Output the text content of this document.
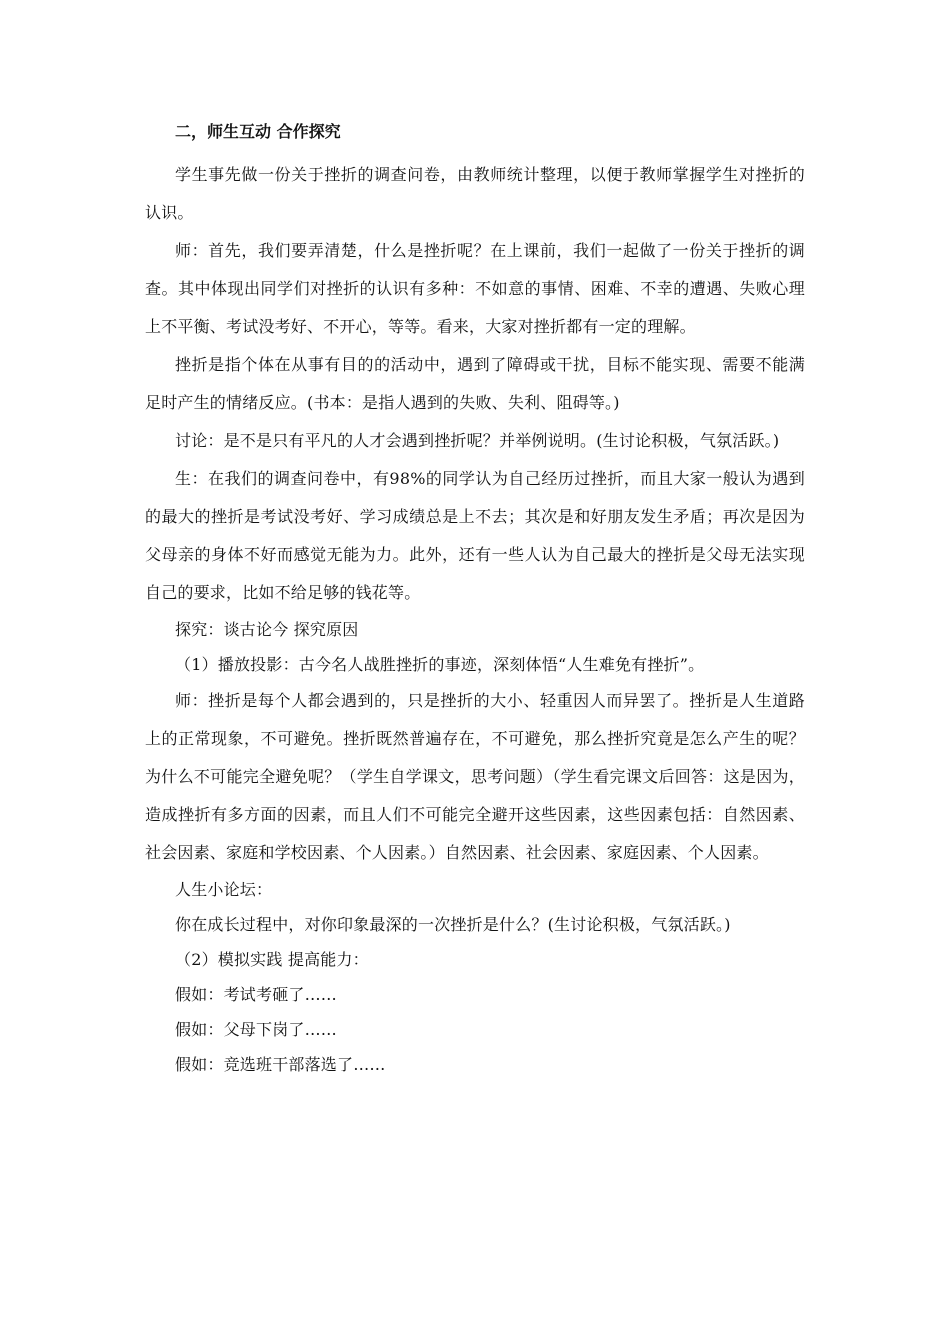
二，师生互动 合作探究

学生事先做一份关于挫折的调查问卷，由教师统计整理，以便于教师掌握学生对挫折的认识。

师：首先，我们要弄清楚，什么是挫折呢？在上课前，我们一起做了一份关于挫折的调查。其中体现出同学们对挫折的认识有多种：不如意的事情、困难、不幸的遭遇、失败心理上不平衡、考试没考好、不开心，等等。看来，大家对挫折都有一定的理解。

挫折是指个体在从事有目的的活动中，遇到了障碍或干扰，目标不能实现、需要不能满足时产生的情绪反应。(书本：是指人遇到的失败、失利、阻碍等。)

讨论：是不是只有平凡的人才会遇到挫折呢？并举例说明。(生讨论积极，气氛活跃。)

生：在我们的调查问卷中，有98%的同学认为自己经历过挫折，而且大家一般认为遇到的最大的挫折是考试没考好、学习成绩总是上不去；其次是和好朋友发生矛盾；再次是因为父母亲的身体不好而感觉无能为力。此外，还有一些人认为自己最大的挫折是父母无法实现自己的要求，比如不给足够的钱花等。

探究：谈古论今 探究原因

（1）播放投影：古今名人战胜挫折的事迹，深刻体悟“人生难免有挫折”。

师：挫折是每个人都会遇到的，只是挫折的大小、轻重因人而异罢了。挫折是人生道路上的正常现象，不可避免。挫折既然普遍存在，不可避免，那么挫折究竟是怎么产生的呢？为什么不可能完全避免呢？（学生自学课文，思考问题）（学生看完课文后回答：这是因为，造成挫折有多方面的因素，而且人们不可能完全避开这些因素，这些因素包括：自然因素、社会因素、家庭和学校因素、个人因素。）自然因素、社会因素、家庭因素、个人因素。

人生小论坛：

你在成长过程中，对你印象最深的一次挫折是什么？(生讨论积极，气氛活跃。)

（2）模拟实践 提高能力：

假如：考试考砸了……

假如：父母下岗了……

假如：竞选班干部落选了……
